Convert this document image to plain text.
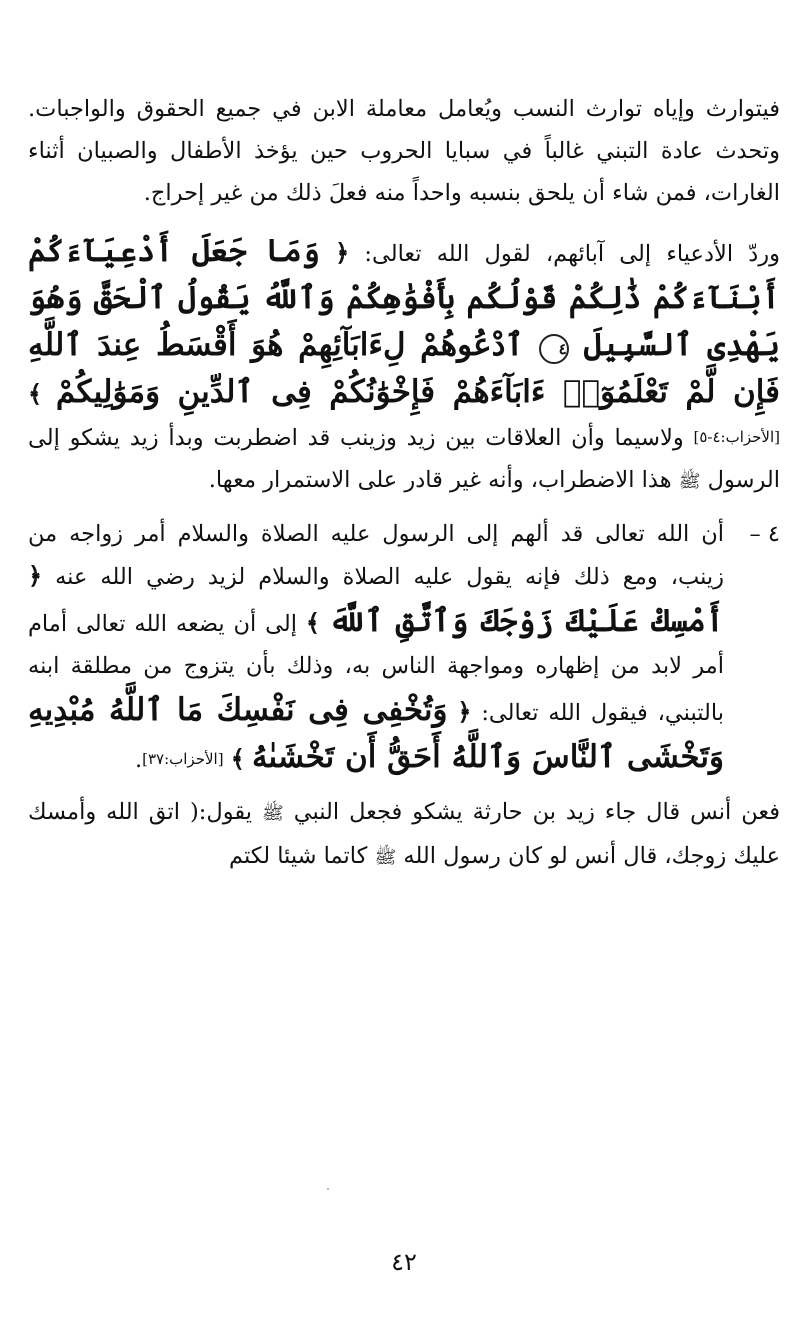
فيتوارث وإياه توارث النسب ويُعامل معاملة الابن في جميع الحقوق والواجبات. وتحدث عادة التبني غالباً في سبايا الحروب حين يؤخذ الأطفال والصبيان أثناء الغارات، فمن شاء أن يلحق بنسبه واحداً منه فعلَ ذلك من غير إحراج.

وردّ الأدعياء إلى آبائهم، لقول الله تعالى: ﴿ وَمَا جَعَلَ أَدْعِيَآءَكُمْ أَبْنَآءَكُمْ ذَٰلِكُمْ قَوْلُكُم بِأَفْوَٰهِكُمْ وَٱللَّهُ يَقُولُ ٱلْحَقَّ وَهُوَ يَهْدِى ٱلسَّبِيلَ ٤ ٱدْعُوهُمْ لِءَابَآئِهِمْ هُوَ أَقْسَطُ عِندَ ٱللَّهِ فَإِن لَّمْ تَعْلَمُوٓا۟ ءَابَآءَهُمْ فَإِخْوَٰنُكُمْ فِى ٱلدِّينِ وَمَوَٰلِيكُمْ ﴾ [الأحزاب:٤-٥] ولاسيما وأن العلاقات بين زيد وزينب قد اضطربت وبدأ زيد يشكو إلى الرسول ﷺ هذا الاضطراب، وأنه غير قادر على الاستمرار معها.

٤ –
أن الله تعالى قد ألهم إلى الرسول عليه الصلاة والسلام أمر زواجه من زينب، ومع ذلك فإنه يقول عليه الصلاة والسلام لزيد رضي الله عنه ﴿ أَمْسِكْ عَلَيْكَ زَوْجَكَ وَٱتَّقِ ٱللَّهَ ﴾ إلى أن يضعه الله تعالى أمام أمر لابد من إظهاره ومواجهة الناس به، وذلك بأن يتزوج من مطلقة ابنه بالتبني، فيقول الله تعالى: ﴿ وَتُخْفِى فِى نَفْسِكَ مَا ٱللَّهُ مُبْدِيهِ وَتَخْشَى ٱلنَّاسَ وَٱللَّهُ أَحَقُّ أَن تَخْشَىٰهُ ﴾ [الأحزاب:٣٧].

فعن أنس قال جاء زيد بن حارثة يشكو فجعل النبي ﷺ يقول:( اتق الله وأمسك عليك زوجك، قال أنس لو كان رسول الله ﷺ كاتما شيئا لكتم

٤٢
